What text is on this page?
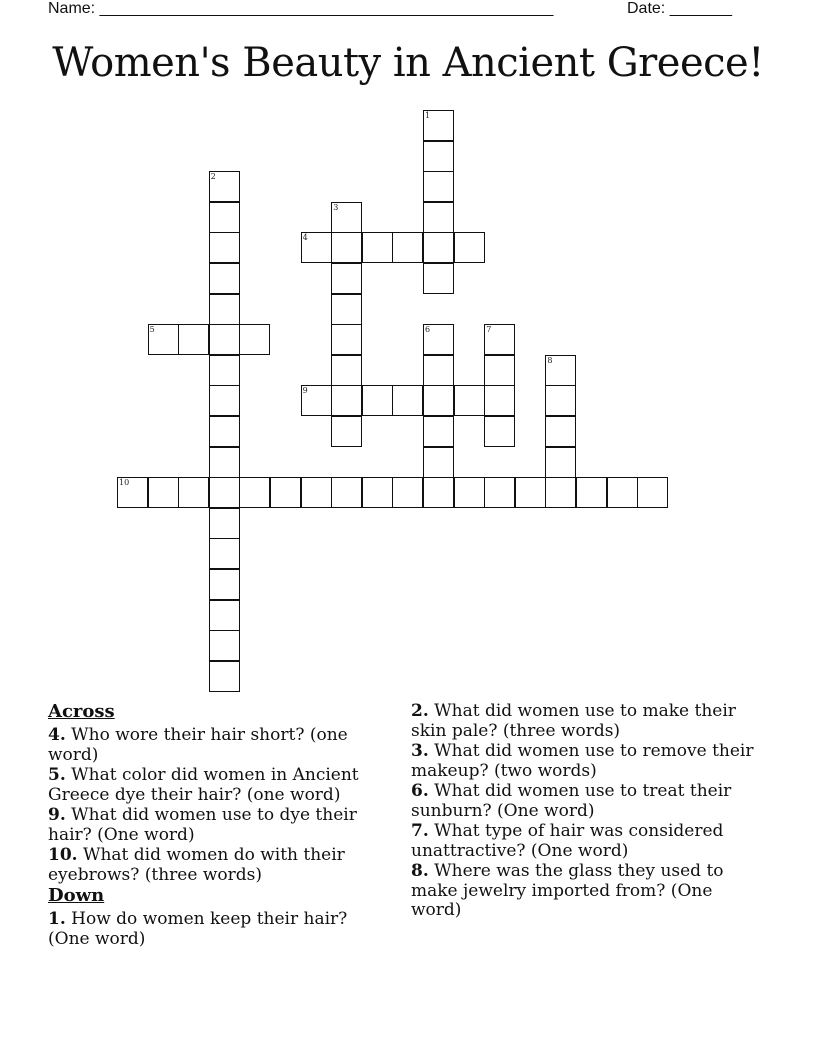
Name: ___________________________________________________	Date: _______
Women's Beauty in Ancient Greece!
1
2
3
4
5	6	7
8
9
10
Across
4. Who wore their hair short? (one word)
5. What color did women in Ancient Greece dye their hair? (one word)
9. What did women use to dye their hair? (One word)
10. What did women do with their eyebrows? (three words)
Down
1. How do women keep their hair? (One word)
2. What did women use to make their skin pale? (three words)
3. What did women use to remove their makeup? (two words)
6. What did women use to treat their sunburn? (One word)
7. What type of hair was considered unattractive? (One word)
8. Where was the glass they used to make jewelry imported from? (One word)
